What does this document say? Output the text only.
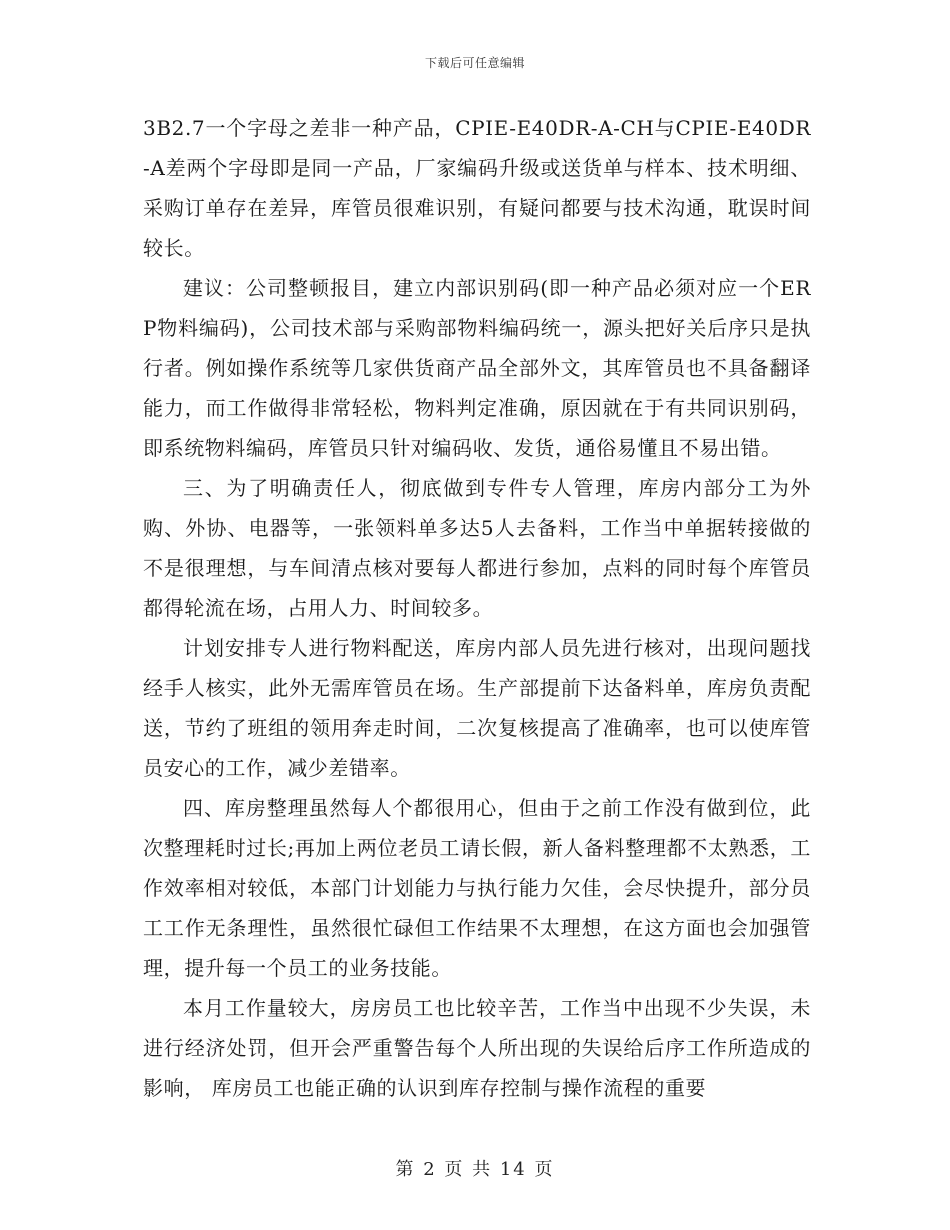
下载后可任意编辑

3B2.7一个字母之差非一种产品，CPIE-E40DR-A-CH与CPIE-E40DR-A差两个字母即是同一产品，厂家编码升级或送货单与样本、技术明细、采购订单存在差异，库管员很难识别，有疑问都要与技术沟通，耽误时间较长。

建议：公司整顿报目，建立内部识别码(即一种产品必须对应一个ERP物料编码)，公司技术部与采购部物料编码统一，源头把好关后序只是执行者。例如操作系统等几家供货商产品全部外文，其库管员也不具备翻译能力，而工作做得非常轻松，物料判定准确，原因就在于有共同识别码，即系统物料编码，库管员只针对编码收、发货，通俗易懂且不易出错。

三、为了明确责任人，彻底做到专件专人管理，库房内部分工为外购、外协、电器等，一张领料单多达5人去备料，工作当中单据转接做的不是很理想，与车间清点核对要每人都进行参加，点料的同时每个库管员都得轮流在场，占用人力、时间较多。

计划安排专人进行物料配送，库房内部人员先进行核对，出现问题找经手人核实，此外无需库管员在场。生产部提前下达备料单，库房负责配送，节约了班组的领用奔走时间，二次复核提高了准确率，也可以使库管员安心的工作，减少差错率。

四、库房整理虽然每人个都很用心，但由于之前工作没有做到位，此次整理耗时过长;再加上两位老员工请长假，新人备料整理都不太熟悉，工作效率相对较低，本部门计划能力与执行能力欠佳，会尽快提升，部分员工工作无条理性，虽然很忙碌但工作结果不太理想，在这方面也会加强管理，提升每一个员工的业务技能。

本月工作量较大，房房员工也比较辛苦，工作当中出现不少失误，未进行经济处罚，但开会严重警告每个人所出现的失误给后序工作所造成的影响， 库房员工也能正确的认识到库存控制与操作流程的重要

第 2 页 共 14 页
